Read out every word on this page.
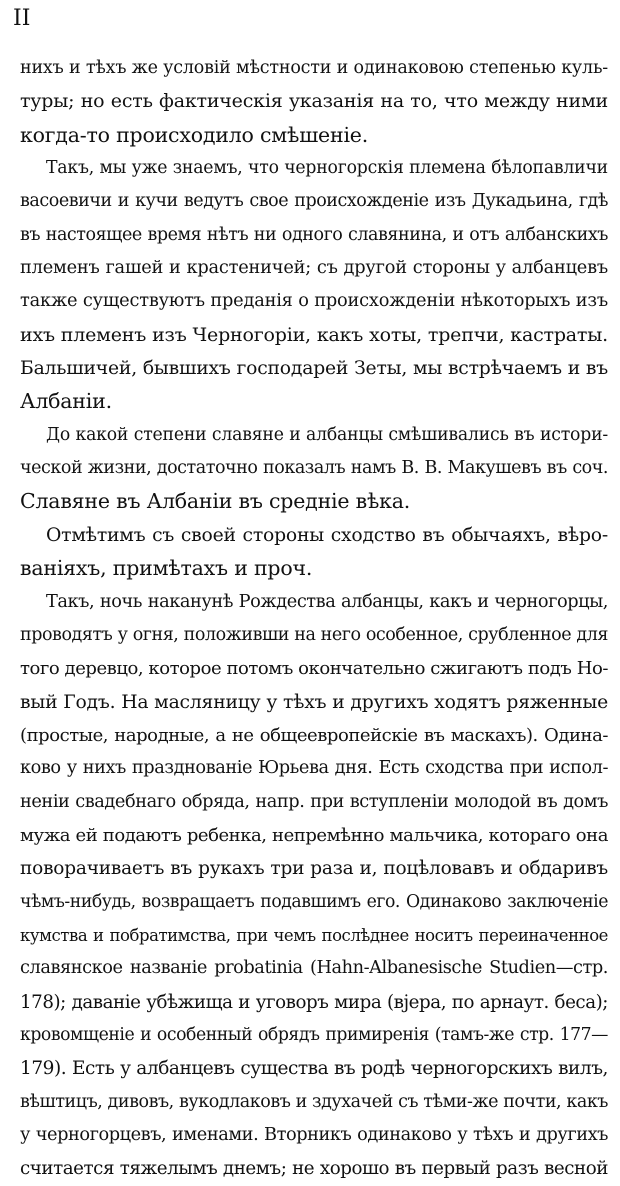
II
нихъ и тѣхъ же условій мѣстности и одинаковою степенью куль-
туры; но есть фактическія указанія на то, что между ними
когда-то происходило смѣшеніе.
Такъ, мы уже знаемъ, что черногорскія племена бѣлопавличи
васоевичи и кучи ведутъ свое происхожденіе изъ Дукадьина, гдѣ
въ настоящее время нѣтъ ни одного славянина, и отъ албанскихъ
племенъ гашей и крастеничей; съ другой стороны у албанцевъ
также существуютъ преданія о происхожденіи нѣкоторыхъ изъ
ихъ племенъ изъ Черногоріи, какъ хоты, трепчи, кастраты.
Бальшичей, бывшихъ господарей Зеты, мы встрѣчаемъ и въ
Албаніи.
До какой степени славяне и албанцы смѣшивались въ истори-
ческой жизни, достаточно показалъ намъ В. В. Макушевъ въ соч.
Славяне въ Албаніи въ средніе вѣка.
Отмѣтимъ съ своей стороны сходство въ обычаяхъ, вѣро-
ваніяхъ, примѣтахъ и проч.
Такъ, ночь наканунѣ Рождества албанцы, какъ и черногорцы,
проводятъ у огня, положивши на него особенное, срубленное для
того деревцо, которое потомъ окончательно сжигаютъ подъ Но-
вый Годъ. На масляницу у тѣхъ и другихъ ходятъ ряженные
(простые, народные, а не общеевропейскіе въ маскахъ). Одина-
ково у нихъ празднованіе Юрьева дня. Есть сходства при испол-
неніи свадебнаго обряда, напр. при вступленіи молодой въ домъ
мужа ей подаютъ ребенка, непремѣнно мальчика, котораго она
поворачиваетъ въ рукахъ три раза и, поцѣловавъ и обдаривъ
чѣмъ-нибудь, возвращаетъ подавшимъ его. Одинаково заключеніе
кумства и побратимства, при чемъ послѣднее носитъ переиначенное
славянское названіе probatinia (Hahn-Albanesische Studien—стр.
178); даваніе убѣжища и уговоръ мира (вјера, по арнаут. беса);
кровомщеніе и особенный обрядъ примиренія (тамъ-же стр. 177—
179). Есть у албанцевъ существа въ родѣ черногорскихъ вилъ,
вѣштицъ, дивовъ, вукодлаковъ и здухачей съ тѣми-же почти, какъ
у черногорцевъ, именами. Вторникъ одинаково у тѣхъ и другихъ
считается тяжелымъ днемъ; не хорошо въ первый разъ весной
